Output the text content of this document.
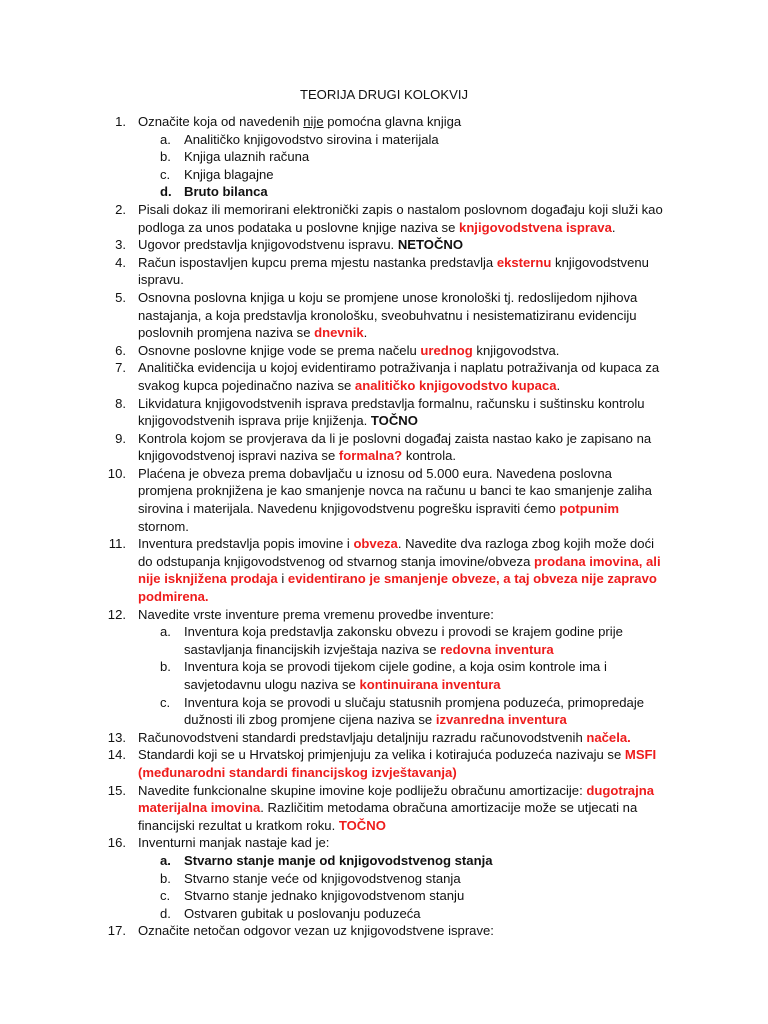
TEORIJA DRUGI KOLOKVIJ
1. Označite koja od navedenih nije pomoćna glavna knjiga
a. Analitičko knjigovodstvo sirovina i materijala
b. Knjiga ulaznih računa
c. Knjiga blagajne
d. Bruto bilanca
2. Pisali dokaz ili memorirani elektronički zapis o nastalom poslovnom događaju koji služi kao podloga za unos podataka u poslovne knjige naziva se knjigovodstvena isprava.
3. Ugovor predstavlja knjigovodstvenu ispravu. NETOČNO
4. Račun ispostavljen kupcu prema mjestu nastanka predstavlja eksternu knjigovodstvenu ispravu.
5. Osnovna poslovna knjiga u koju se promjene unose kronološki tj. redoslijedom njihova nastajanja, a koja predstavlja kronološku, sveobuhvatnu i nesistematiziranu evidenciju poslovnih promjena naziva se dnevnik.
6. Osnovne poslovne knjige vode se prema načelu urednog knjigovodstva.
7. Analitička evidencija u kojoj evidentiramo potraživanja i naplatu potraživanja od kupaca za svakog kupca pojedinačno naziva se analitičko knjigovodstvo kupaca.
8. Likvidatura knjigovodstvenih isprava predstavlja formalnu, računsku i suštinsku kontrolu knjigovodstvenih isprava prije knjiženja. TOČNO
9. Kontrola kojom se provjerava da li je poslovni događaj zaista nastao kako je zapisano na knjigovodstvenoj ispravi naziva se formalna? kontrola.
10. Plaćena je obveza prema dobavljaču u iznosu od 5.000 eura. Navedena poslovna promjena proknjižena je kao smanjenje novca na računu u banci te kao smanjenje zaliha sirovina i materijala. Navedenu knjigovodstvenu pogrešku ispraviti ćemo potpunim stornom.
11. Inventura predstavlja popis imovine i obveza. Navedite dva razloga zbog kojih može doći do odstupanja knjigovodstvenog od stvarnog stanja imovine/obveza prodana imovina, ali nije isknjižena prodaja i evidentirano je smanjenje obveze, a taj obveza nije zapravo podmirena.
12. Navedite vrste inventure prema vremenu provedbe inventure:
a. Inventura koja predstavlja zakonsku obvezu i provodi se krajem godine prije sastavljanja financijskih izvještaja naziva se redovna inventura
b. Inventura koja se provodi tijekom cijele godine, a koja osim kontrole ima i savjetodavnu ulogu naziva se kontinuirana inventura
c. Inventura koja se provodi u slučaju statusnih promjena poduzeća, primopredaje dužnosti ili zbog promjene cijena naziva se izvanredna inventura
13. Računovodstveni standardi predstavljaju detaljniju razradu računovodstvenih načela.
14. Standardi koji se u Hrvatskoj primjenjuju za velika i kotirajuća poduzeća nazivaju se MSFI (međunarodni standardi financijskog izvještavanja)
15. Navedite funkcionalne skupine imovine koje podliježu obračunu amortizacije: dugotrajna materijalna imovina. Različitim metodama obračuna amortizacije može se utjecati na financijski rezultat u kratkom roku. TOČNO
16. Inventurni manjak nastaje kad je:
a. Stvarno stanje manje od knjigovodstvenog stanja
b. Stvarno stanje veće od knjigovodstvenog stanja
c. Stvarno stanje jednako knjigovodstvenom stanju
d. Ostvaren gubitak u poslovanju poduzeća
17. Označite netočan odgovor vezan uz knjigovodstvene isprave:
